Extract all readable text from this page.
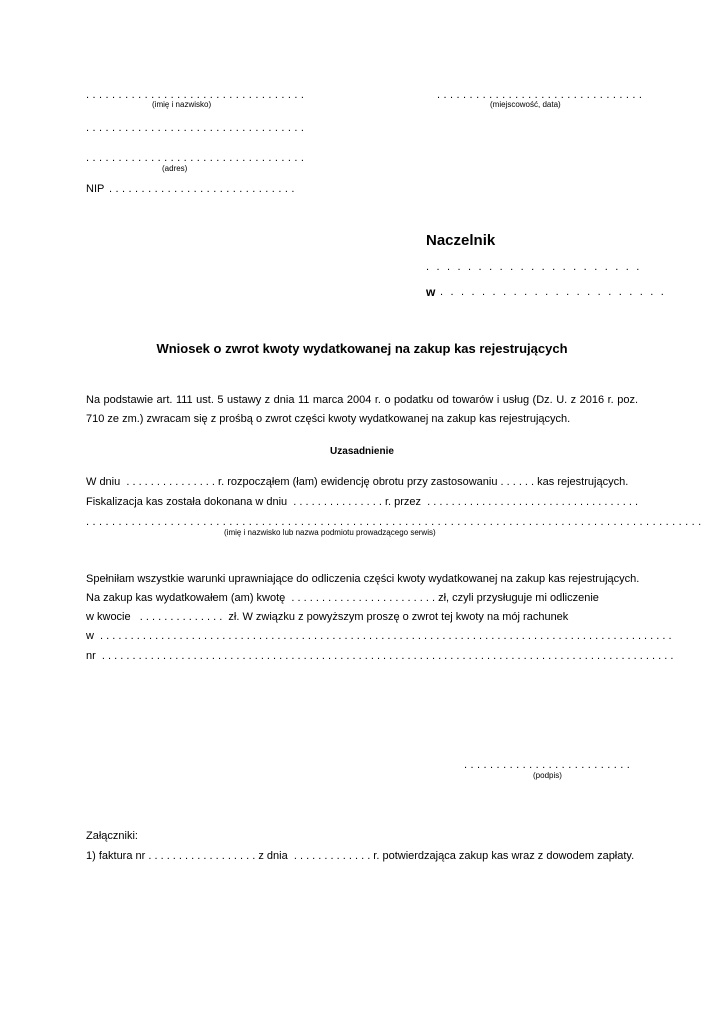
. . . . . . . . . . . . . . . . . . . . . . . . . . . . . . . . . .
(imię i nazwisko)
. . . . . . . . . . . . . . . . . . . . . . . . . . . . . . . . . .
. . . . . . . . . . . . . . . . . . . . . . . . . . . . . . . . . .
(adres)
NIP . . . . . . . . . . . . . . . . . . . . . . . . . . . . .
. . . . . . . . . . . . . . . . . . . . . . . . . . . . . . . .
(miejscowość, data)
Naczelnik
. . . . . . . . . . . . . . . . . . . . .
w . . . . . . . . . . . . . . . . . . . . . .
Wniosek o zwrot kwoty wydatkowanej na zakup kas rejestrujących
Na podstawie art. 111 ust. 5 ustawy z dnia 11 marca 2004 r. o podatku od towarów i usług (Dz. U. z 2016 r. poz. 710 ze zm.) zwracam się z prośbą o zwrot części kwoty wydatkowanej na zakup kas rejestrujących.
Uzasadnienie
W dniu  . . . . . . . . . . . . . . . r. rozpocząłem (łam) ewidencję obrotu przy zastosowaniu . . . . . . kas rejestrujących.
Fiskalizacja kas została dokonana w dniu  . . . . . . . . . . . . . . . r. przez  . . . . . . . . . . . . . . . . . . . . . . . . . . . . . . . . . . .
. . . . . . . . . . . . . . . . . . . . . . . . . . . . . . . . . . . . . . . . . . . . . . . . . . . . . . . . . . . . . . . . . . . . . . . . . . . . . . . . . . . . . . . . . . . . . . .
(imię i nazwisko lub nazwa podmiotu prowadzącego serwis)
Spełniłam wszystkie warunki uprawniające do odliczenia części kwoty wydatkowanej na zakup kas rejestrujących.
Na zakup kas wydatkowałem (am) kwotę  . . . . . . . . . . . . . . . . . . . . . . . . zł, czyli przysługuje mi odliczenie
w kwocie   . . . . . . . . . . . . . .  zł. W związku z powyższym proszę o zwrot tej kwoty na mój rachunek
w  . . . . . . . . . . . . . . . . . . . . . . . . . . . . . . . . . . . . . . . . . . . . . . . . . . . . . . . . . . . . . . . . . . . . . . . . . . . . . . . . . . . . . . . . . . . . . .
nr  . . . . . . . . . . . . . . . . . . . . . . . . . . . . . . . . . . . . . . . . . . . . . . . . . . . . . . . . . . . . . . . . . . . . . . . . . . . . . . . . . . . . . . . . . . . . . .
. . . . . . . . . . . . . . . . . . . . . . . . . .
(podpis)
Załączniki:
1) faktura nr . . . . . . . . . . . . . . . . . . z dnia  . . . . . . . . . . . . . r. potwierdzająca zakup kas wraz z dowodem zapłaty.
